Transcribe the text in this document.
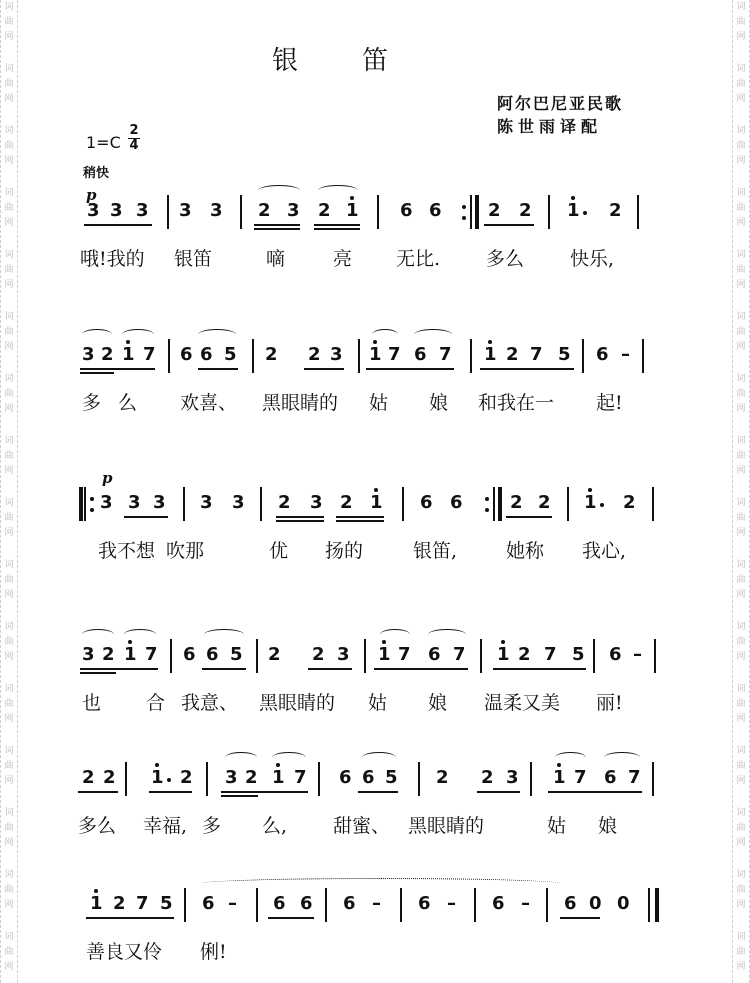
词
曲
网
词
曲
网
词
曲
网
词
曲
网
词
曲
网
词
曲
网
词
曲
网
词
曲
网
词
曲
网
词
曲
网
词
曲
网
词
曲
网
词
曲
网
词
曲
网
词
曲
网
词
曲
网
词
曲
网
词
曲
网
词
曲
网
词
曲
网
词
曲
网
词
曲
网
词
曲
网
词
曲
网
词
曲
网
词
曲
网
词
曲
网
词
曲
网
词
曲
网
词
曲
网
词
曲
网
词
曲
网
银笛
阿尔巴尼亚民歌
陈世雨译配
1=C
2
4
稍快
p
p
3 3 3 3 3 2 3 2 1 6 6	2 2 1 2
哦!我的 银笛	嘀	亮 无比. 多么 快乐,
3 2 1 7 6 6 5 2 2 3 1 7 6 7 1 2 7 5 6 –
多 么 欢喜、 黑眼睛的 姑 娘 和我在一 起!
3 3 3 3 3 2 3 2 1 6 6	2 2 1 2
我不想 吹那	优 扬的	银笛,	她称 我心,
3 2 1 7 6 6 5 2 2 3 1 7 6 7 1 2 7 5 6 –
也 合 我意、 黑眼睛的 姑 娘 温柔又美 丽!
2 2 1 2 3 2 1 7 6 6 5 2 2 3 1 7 6 7
多么 幸福, 多 么, 甜蜜、 黑眼睛的	姑 娘
1 2 7 5 6	6 6 6	6	6	6 0 0
–	–	–	–
善良又伶 俐!
